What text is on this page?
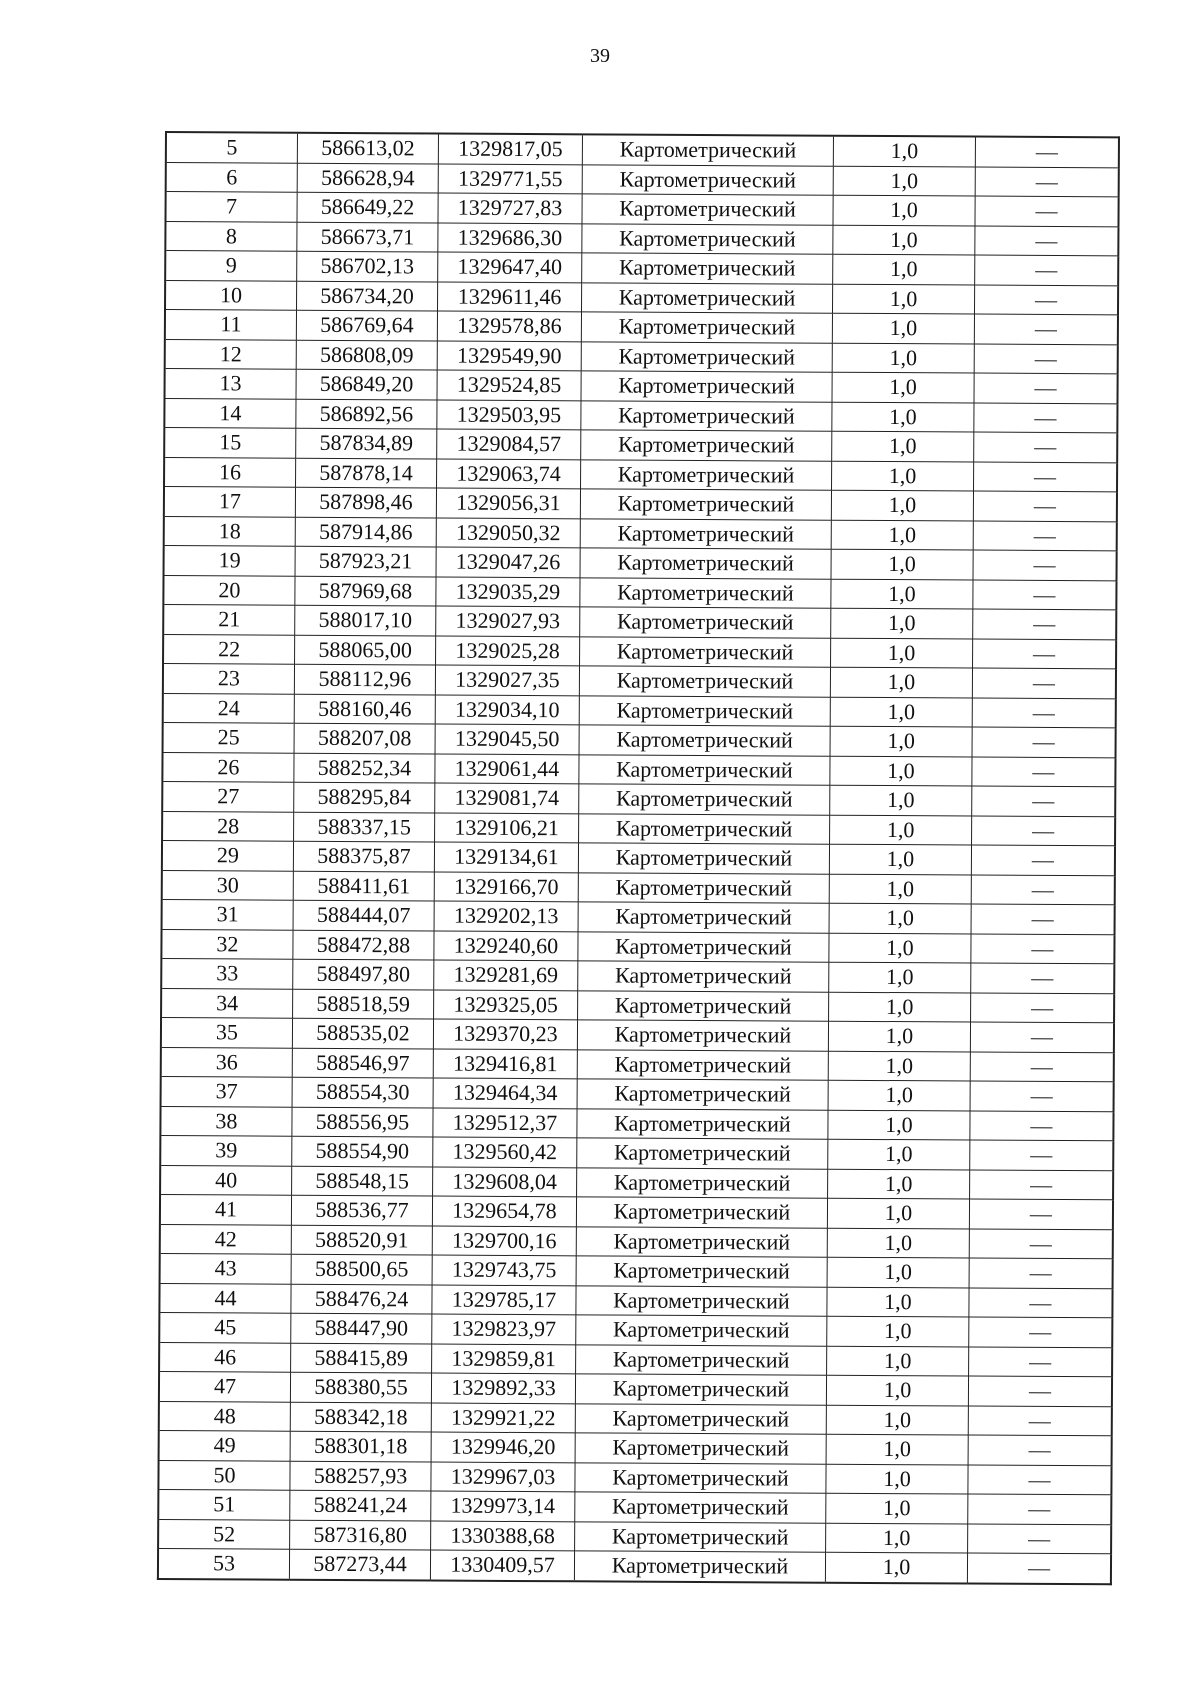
39
5	586613,02	1329817,05	Картометрический	1,0	—
6	586628,94	1329771,55	Картометрический	1,0	—
7	586649,22	1329727,83	Картометрический	1,0	—
8	586673,71	1329686,30	Картометрический	1,0	—
9	586702,13	1329647,40	Картометрический	1,0	—
10	586734,20	1329611,46	Картометрический	1,0	—
11	586769,64	1329578,86	Картометрический	1,0	—
12	586808,09	1329549,90	Картометрический	1,0	—
13	586849,20	1329524,85	Картометрический	1,0	—
14	586892,56	1329503,95	Картометрический	1,0	—
15	587834,89	1329084,57	Картометрический	1,0	—
16	587878,14	1329063,74	Картометрический	1,0	—
17	587898,46	1329056,31	Картометрический	1,0	—
18	587914,86	1329050,32	Картометрический	1,0	—
19	587923,21	1329047,26	Картометрический	1,0	—
20	587969,68	1329035,29	Картометрический	1,0	—
21	588017,10	1329027,93	Картометрический	1,0	—
22	588065,00	1329025,28	Картометрический	1,0	—
23	588112,96	1329027,35	Картометрический	1,0	—
24	588160,46	1329034,10	Картометрический	1,0	—
25	588207,08	1329045,50	Картометрический	1,0	—
26	588252,34	1329061,44	Картометрический	1,0	—
27	588295,84	1329081,74	Картометрический	1,0	—
28	588337,15	1329106,21	Картометрический	1,0	—
29	588375,87	1329134,61	Картометрический	1,0	—
30	588411,61	1329166,70	Картометрический	1,0	—
31	588444,07	1329202,13	Картометрический	1,0	—
32	588472,88	1329240,60	Картометрический	1,0	—
33	588497,80	1329281,69	Картометрический	1,0	—
34	588518,59	1329325,05	Картометрический	1,0	—
35	588535,02	1329370,23	Картометрический	1,0	—
36	588546,97	1329416,81	Картометрический	1,0	—
37	588554,30	1329464,34	Картометрический	1,0	—
38	588556,95	1329512,37	Картометрический	1,0	—
39	588554,90	1329560,42	Картометрический	1,0	—
40	588548,15	1329608,04	Картометрический	1,0	—
41	588536,77	1329654,78	Картометрический	1,0	—
42	588520,91	1329700,16	Картометрический	1,0	—
43	588500,65	1329743,75	Картометрический	1,0	—
44	588476,24	1329785,17	Картометрический	1,0	—
45	588447,90	1329823,97	Картометрический	1,0	—
46	588415,89	1329859,81	Картометрический	1,0	—
47	588380,55	1329892,33	Картометрический	1,0	—
48	588342,18	1329921,22	Картометрический	1,0	—
49	588301,18	1329946,20	Картометрический	1,0	—
50	588257,93	1329967,03	Картометрический	1,0	—
51	588241,24	1329973,14	Картометрический	1,0	—
52	587316,80	1330388,68	Картометрический	1,0	—
53	587273,44	1330409,57	Картометрический	1,0	—
